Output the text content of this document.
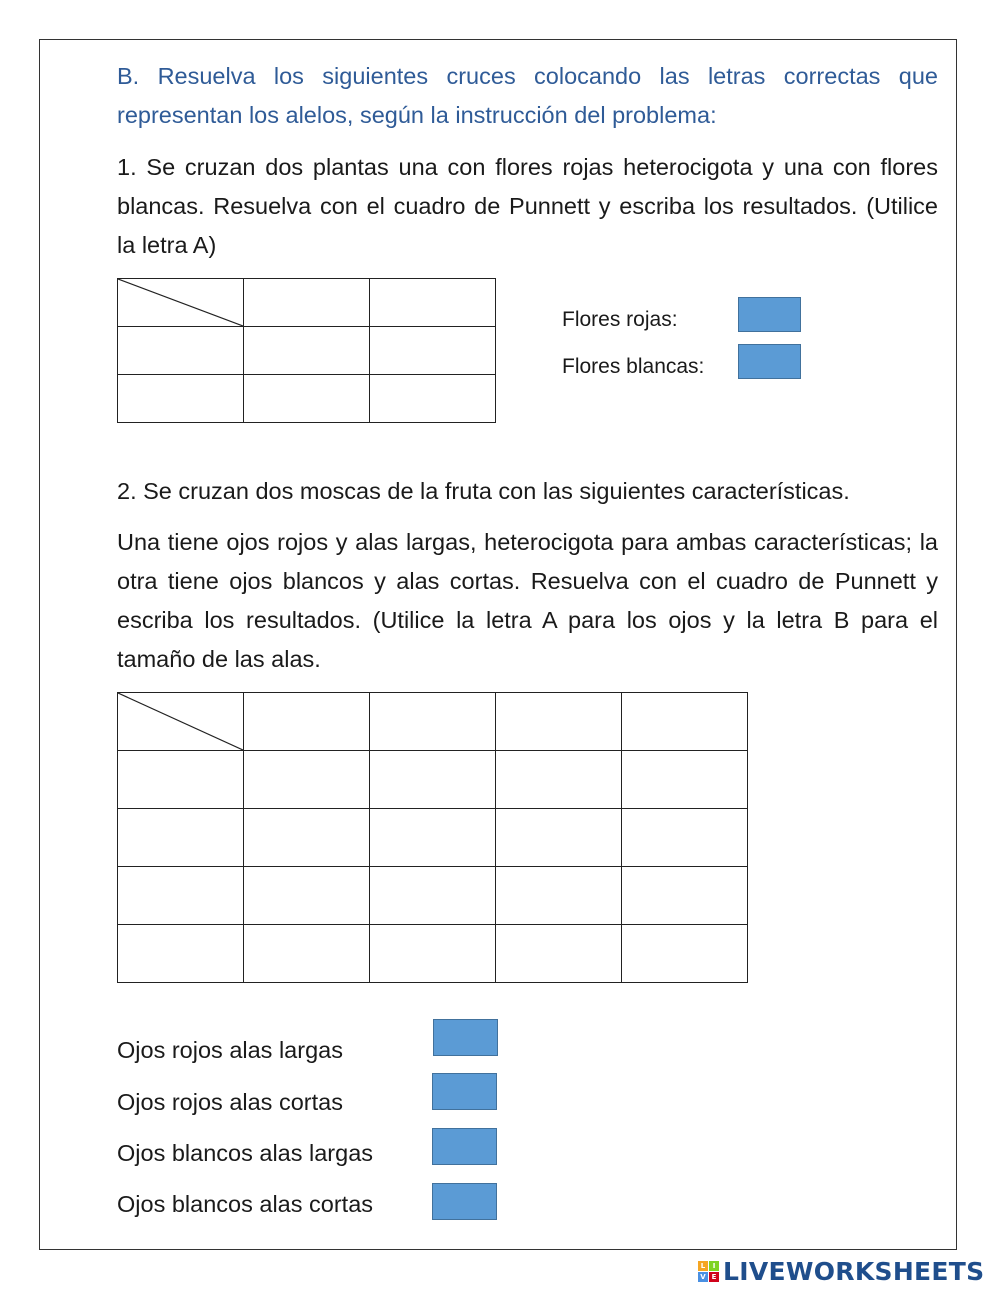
B. Resuelva los siguientes cruces colocando las letras correctas que representan los alelos, según la instrucción del problema:

1. Se cruzan dos plantas una con flores rojas heterocigota y una con flores blancas. Resuelva con el cuadro de Punnett y escriba los resultados. (Utilice la letra A)

Flores rojas:
Flores blancas:

2. Se cruzan dos moscas de la fruta con las siguientes características.

Una tiene ojos rojos y alas largas, heterocigota para ambas características; la otra tiene ojos blancos y alas cortas. Resuelva con el cuadro de Punnett y escriba los resultados. (Utilice la letra A para los ojos y la letra B para el tamaño de las alas.

Ojos rojos alas largas
Ojos rojos alas cortas
Ojos blancos alas largas
Ojos blancos alas cortas
L	I
V E LIVEWORKSHEETS
